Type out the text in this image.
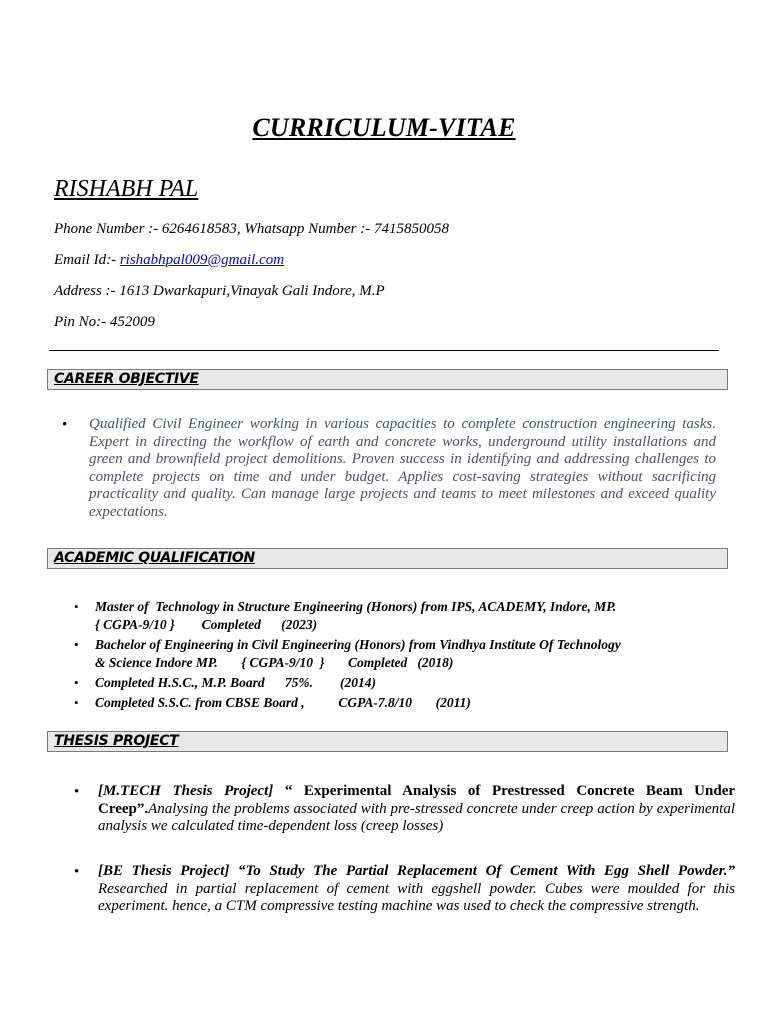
CURRICULUM-VITAE
RISHABH PAL
Phone Number :- 6264618583, Whatsapp Number :- 7415850058
Email Id:- rishabhpal009@gmail.com
Address :- 1613 Dwarkapuri,Vinayak Gali Indore, M.P
Pin No:- 452009
CAREER OBJECTIVE
• Qualified Civil Engineer working in various capacities to complete construction engineering tasks. Expert in directing the workflow of earth and concrete works, underground utility installations and green and brownfield project demolitions. Proven success in identifying and addressing challenges to complete projects on time and under budget. Applies cost-saving strategies without sacrificing practicality and quality. Can manage large projects and teams to meet milestones and exceed quality expectations.
ACADEMIC QUALIFICATION
• Master of  Technology in Structure Engineering (Honors) from IPS, ACADEMY, Indore, MP.
{ CGPA-9/10 }        Completed      (2023)
• Bachelor of Engineering in Civil Engineering (Honors) from Vindhya Institute Of Technology
& Science Indore MP.       { CGPA-9/10  }       Completed   (2018)
• Completed H.S.C., M.P. Board      75%.        (2014)
• Completed S.S.C. from CBSE Board ,          CGPA-7.8/10       (2011)
THESIS PROJECT
• [M.TECH Thesis Project] “ Experimental Analysis of Prestressed Concrete Beam Under Creep”.Analysing the problems associated with pre-stressed concrete under creep action by experimental analysis we calculated time-dependent loss (creep losses)
• [BE Thesis Project] “To Study The Partial Replacement Of Cement With Egg Shell Powder.” Researched in partial replacement of cement with eggshell powder. Cubes were moulded for this experiment. hence, a CTM compressive testing machine was used to check the compressive strength.
